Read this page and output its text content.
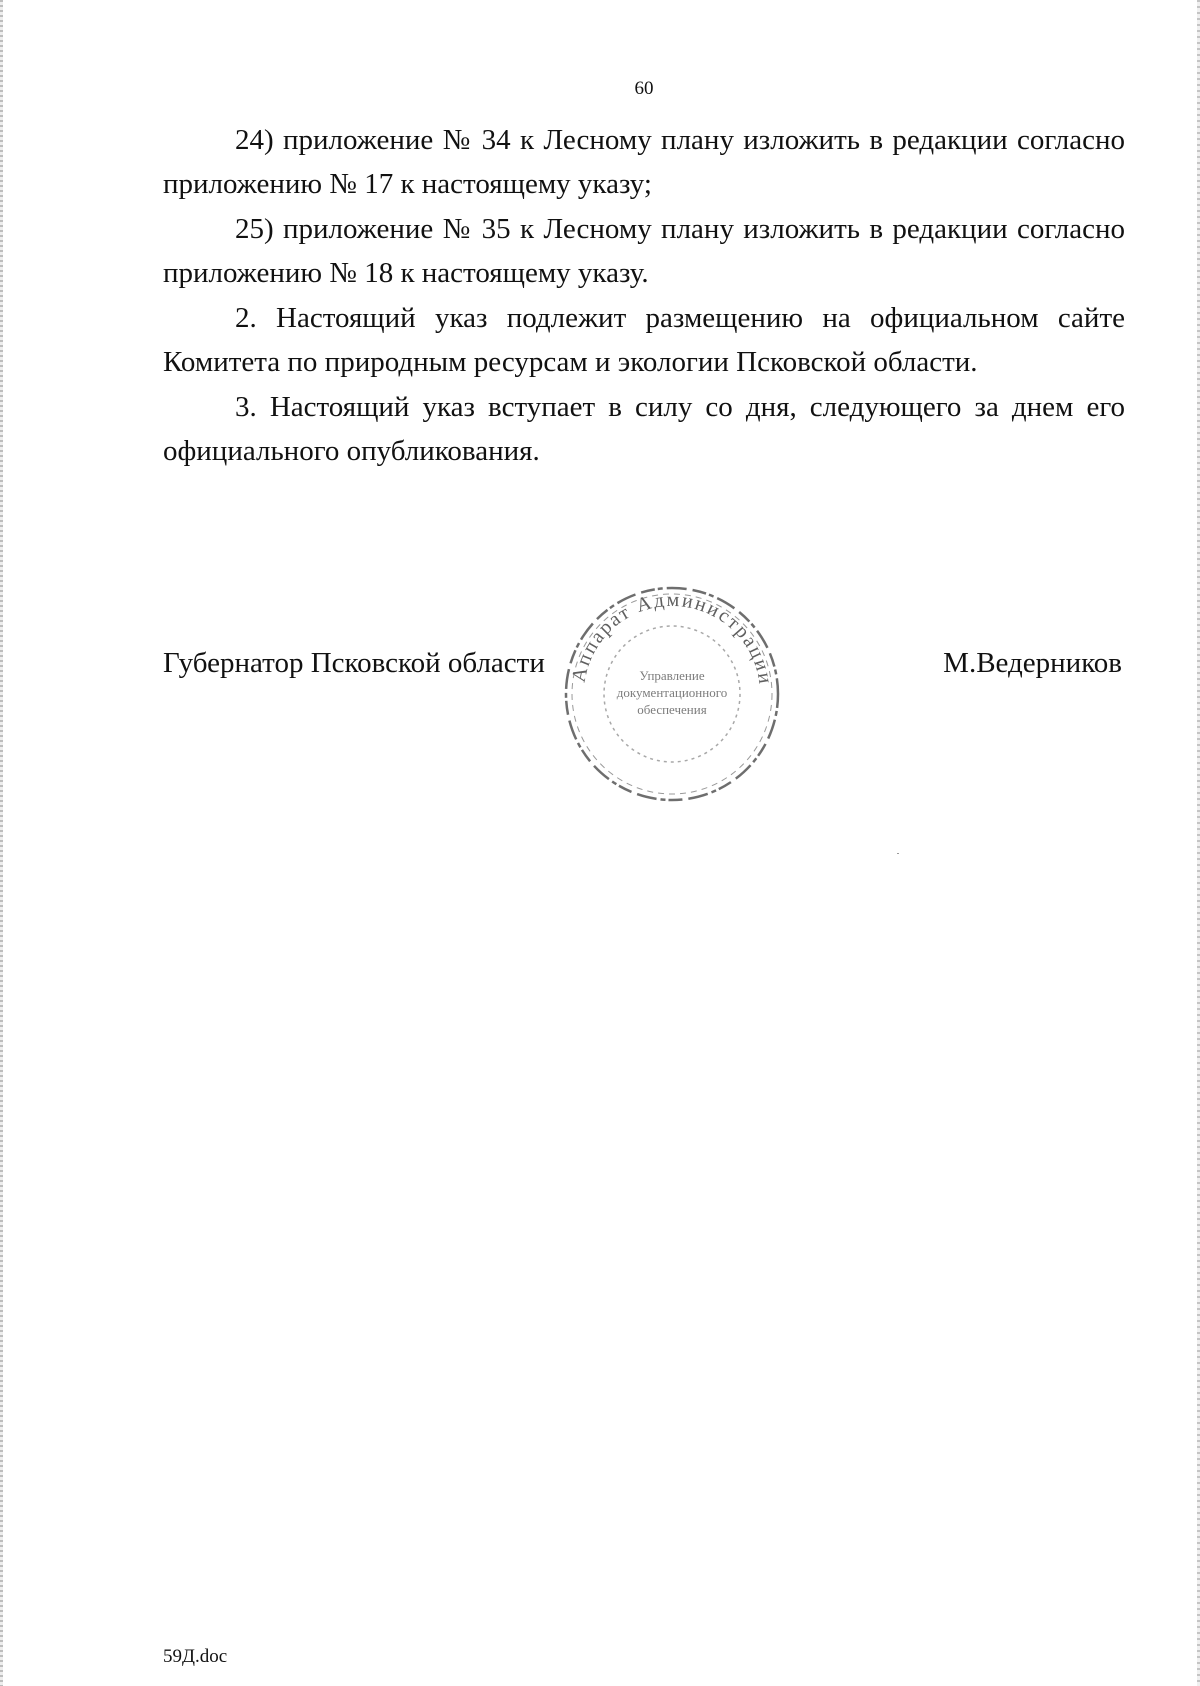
60

24) приложение № 34 к Лесному плану изложить в редакции согласно приложению № 17 к настоящему указу;

25) приложение № 35 к Лесному плану изложить в редакции согласно приложению № 18 к настоящему указу.

2. Настоящий указ подлежит размещению на официальном сайте Комитета по природным ресурсам и экологии Псковской области.

3. Настоящий указ вступает в силу со дня, следующего за днем его официального опубликования.

Губернатор Псковской области	М.Ведерников
Аппарат Администрации
Управление
документационного
обеспечения
59Д.doc
